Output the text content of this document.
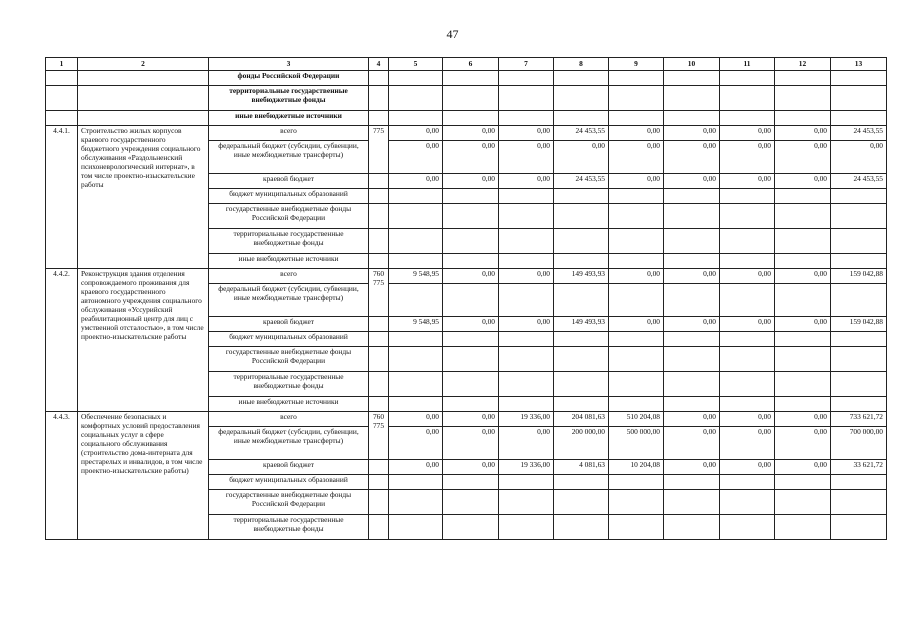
47
1	2	3	4	5	6	7	8	9	10	11	12	13
		фонды Российской Федерации										
		территориальные государственные внебюджетные фонды										
		иные внебюджетные источники										
4.4.1.	Строительство жилых корпусов краевого государственного бюджетного учреждения социального обслуживания «Раздольненский психоневрологический интернат», в том числе проектно-изыскательские работы	всего	775	0,00	0,00	0,00	24 453,55	0,00	0,00	0,00	0,00	24 453,55
		федеральный бюджет (субсидии, субвенции, иные межбюджетные трансферты)		0,00	0,00	0,00	0,00	0,00	0,00	0,00	0,00	0,00
		краевой бюджет		0,00	0,00	0,00	24 453,55	0,00	0,00	0,00	0,00	24 453,55
		бюджет муниципальных образований										
		государственные внебюджетные фонды Российской Федерации										
		территориальные государственные внебюджетные фонды										
		иные внебюджетные источники										
4.4.2.	Реконструкция здания отделения сопровождаемого проживания для краевого государственного автономного учреждения социального обслуживания «Уссурийский реабилитационный центр для лиц с умственной отсталостью», в том числе проектно-изыскательские работы	всего	760 775	9 548,95	0,00	0,00	149 493,93	0,00	0,00	0,00	0,00	159 042,88
		федеральный бюджет (субсидии, субвенции, иные межбюджетные трансферты)										
		краевой бюджет		9 548,95	0,00	0,00	149 493,93	0,00	0,00	0,00	0,00	159 042,88
		бюджет муниципальных образований										
		государственные внебюджетные фонды Российской Федерации										
		территориальные государственные внебюджетные фонды										
		иные внебюджетные источники										
4.4.3.	Обеспечение безопасных и комфортных условий предоставления социальных услуг в сфере социального обслуживания (строительство дома-интерната для престарелых и инвалидов, в том числе проектно-изыскательские работы)	всего	760 775	0,00	0,00	19 336,00	204 081,63	510 204,08	0,00	0,00	0,00	733 621,72
		федеральный бюджет (субсидии, субвенции, иные межбюджетные трансферты)		0,00	0,00	0,00	200 000,00	500 000,00	0,00	0,00	0,00	700 000,00
		краевой бюджет		0,00	0,00	19 336,00	4 081,63	10 204,08	0,00	0,00	0,00	33 621,72
		бюджет муниципальных образований										
		государственные внебюджетные фонды Российской Федерации										
		территориальные государственные внебюджетные фонды										
